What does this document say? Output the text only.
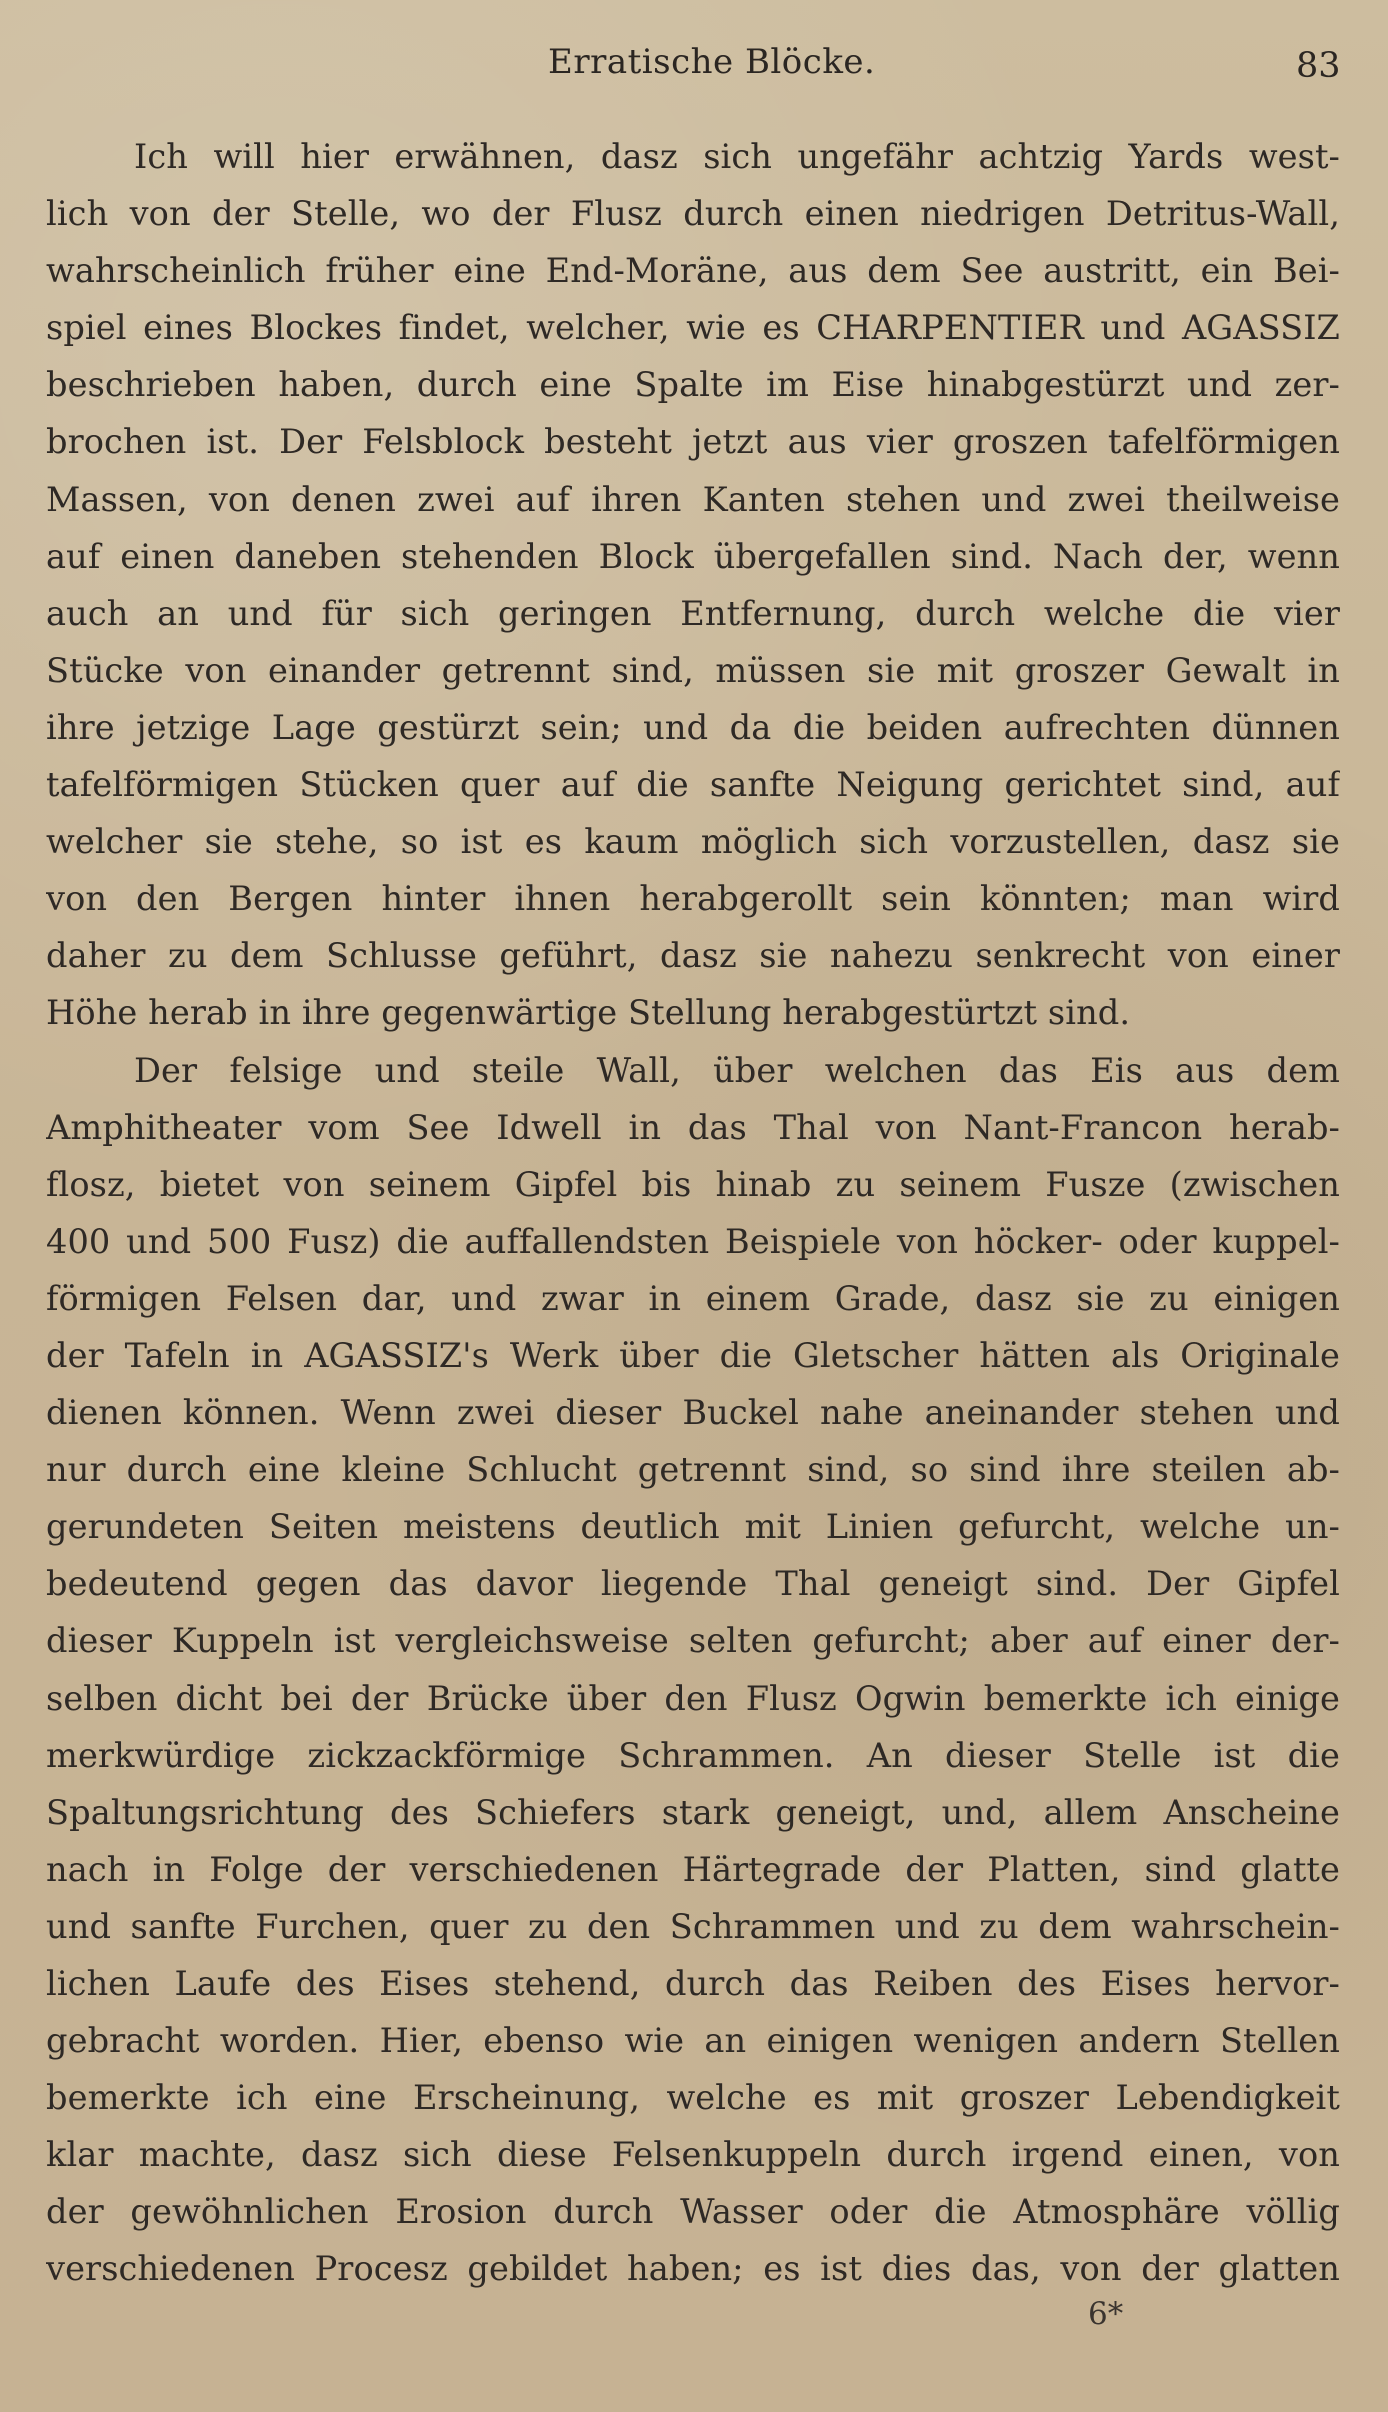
Erratische Blöcke.	83
Ich will hier erwähnen, dasz sich ungefähr achtzig Yards west-
lich von der Stelle, wo der Flusz durch einen niedrigen Detritus-Wall,
wahrscheinlich früher eine End-Moräne, aus dem See austritt, ein Bei-
spiel eines Blockes findet, welcher, wie es CHARPENTIER und AGASSIZ
beschrieben haben, durch eine Spalte im Eise hinabgestürzt und zer-
brochen ist. Der Felsblock besteht jetzt aus vier groszen tafelförmigen
Massen, von denen zwei auf ihren Kanten stehen und zwei theilweise
auf einen daneben stehenden Block übergefallen sind. Nach der, wenn
auch an und für sich geringen Entfernung, durch welche die vier
Stücke von einander getrennt sind, müssen sie mit groszer Gewalt in
ihre jetzige Lage gestürzt sein; und da die beiden aufrechten dünnen
tafelförmigen Stücken quer auf die sanfte Neigung gerichtet sind, auf
welcher sie stehe, so ist es kaum möglich sich vorzustellen, dasz sie
von den Bergen hinter ihnen herabgerollt sein könnten; man wird
daher zu dem Schlusse geführt, dasz sie nahezu senkrecht von einer
Höhe herab in ihre gegenwärtige Stellung herabgestürtzt sind.
Der felsige und steile Wall, über welchen das Eis aus dem
Amphitheater vom See Idwell in das Thal von Nant-Francon herab-
flosz, bietet von seinem Gipfel bis hinab zu seinem Fusze (zwischen
400 und 500 Fusz) die auffallendsten Beispiele von höcker- oder kuppel-
förmigen Felsen dar, und zwar in einem Grade, dasz sie zu einigen
der Tafeln in AGASSIZ's Werk über die Gletscher hätten als Originale
dienen können. Wenn zwei dieser Buckel nahe aneinander stehen und
nur durch eine kleine Schlucht getrennt sind, so sind ihre steilen ab-
gerundeten Seiten meistens deutlich mit Linien gefurcht, welche un-
bedeutend gegen das davor liegende Thal geneigt sind. Der Gipfel
dieser Kuppeln ist vergleichsweise selten gefurcht; aber auf einer der-
selben dicht bei der Brücke über den Flusz Ogwin bemerkte ich einige
merkwürdige zickzackförmige Schrammen. An dieser Stelle ist die
Spaltungsrichtung des Schiefers stark geneigt, und, allem Anscheine
nach in Folge der verschiedenen Härtegrade der Platten, sind glatte
und sanfte Furchen, quer zu den Schrammen und zu dem wahrschein-
lichen Laufe des Eises stehend, durch das Reiben des Eises hervor-
gebracht worden. Hier, ebenso wie an einigen wenigen andern Stellen
bemerkte ich eine Erscheinung, welche es mit groszer Lebendigkeit
klar machte, dasz sich diese Felsenkuppeln durch irgend einen, von
der gewöhnlichen Erosion durch Wasser oder die Atmosphäre völlig
verschiedenen Procesz gebildet haben; es ist dies das, von der glatten
6*
